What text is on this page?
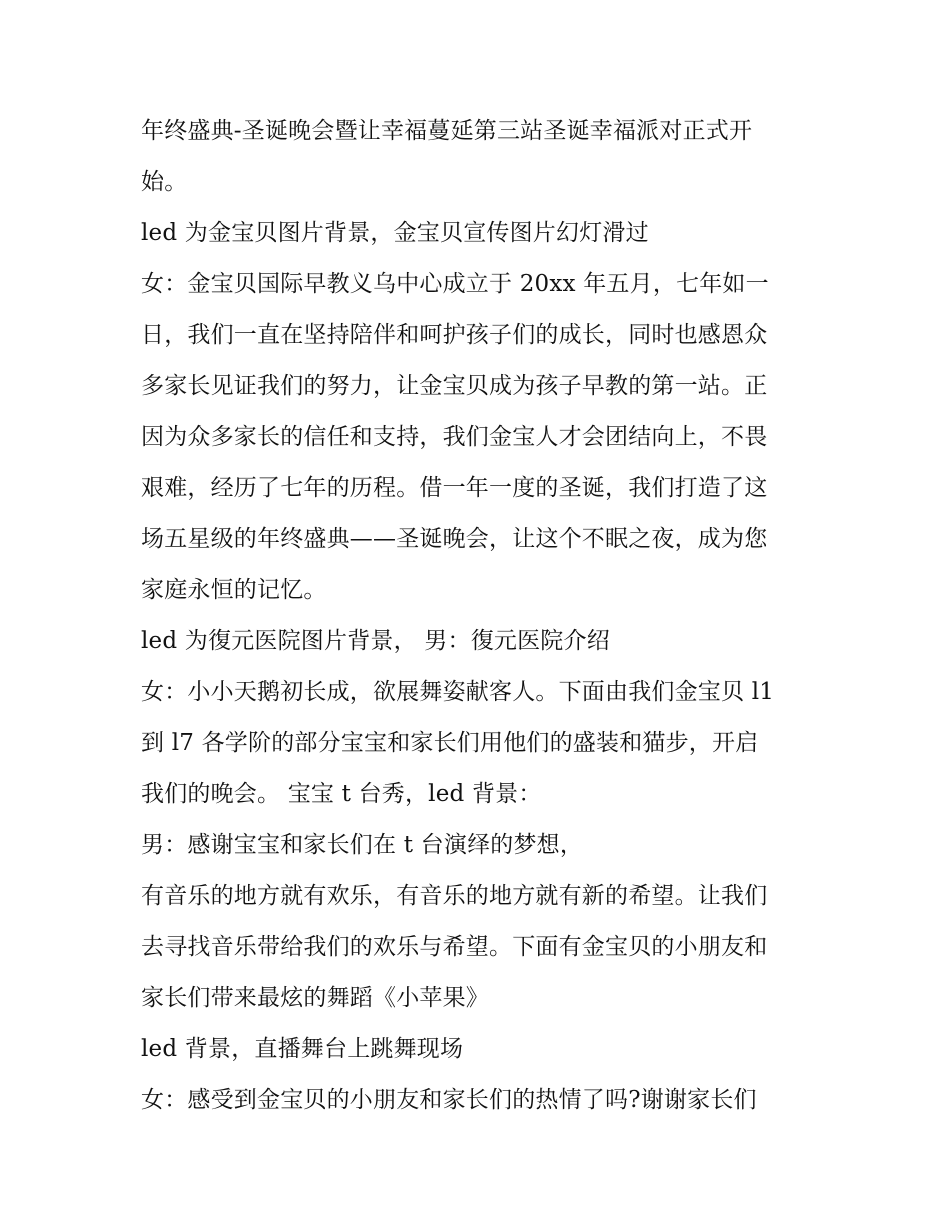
年终盛典-圣诞晚会暨让幸福蔓延第三站圣诞幸福派对正式开

始。

led 为金宝贝图片背景，金宝贝宣传图片幻灯滑过

女：金宝贝国际早教义乌中心成立于 20xx 年五月，七年如一

日，我们一直在坚持陪伴和呵护孩子们的成长，同时也感恩众

多家长见证我们的努力，让金宝贝成为孩子早教的第一站。正

因为众多家长的信任和支持，我们金宝人才会团结向上，不畏

艰难，经历了七年的历程。借一年一度的圣诞，我们打造了这

场五星级的年终盛典——圣诞晚会，让这个不眠之夜，成为您

家庭永恒的记忆。

led 为復元医院图片背景， 男：復元医院介绍

女：小小天鹅初长成，欲展舞姿献客人。下面由我们金宝贝 l1

到 l7 各学阶的部分宝宝和家长们用他们的盛装和猫步，开启

我们的晚会。 宝宝 t 台秀，led 背景：

男：感谢宝宝和家长们在 t 台演绎的梦想，

有音乐的地方就有欢乐，有音乐的地方就有新的希望。让我们

去寻找音乐带给我们的欢乐与希望。下面有金宝贝的小朋友和

家长们带来最炫的舞蹈《小苹果》

led 背景，直播舞台上跳舞现场

女：感受到金宝贝的小朋友和家长们的热情了吗?谢谢家长们
